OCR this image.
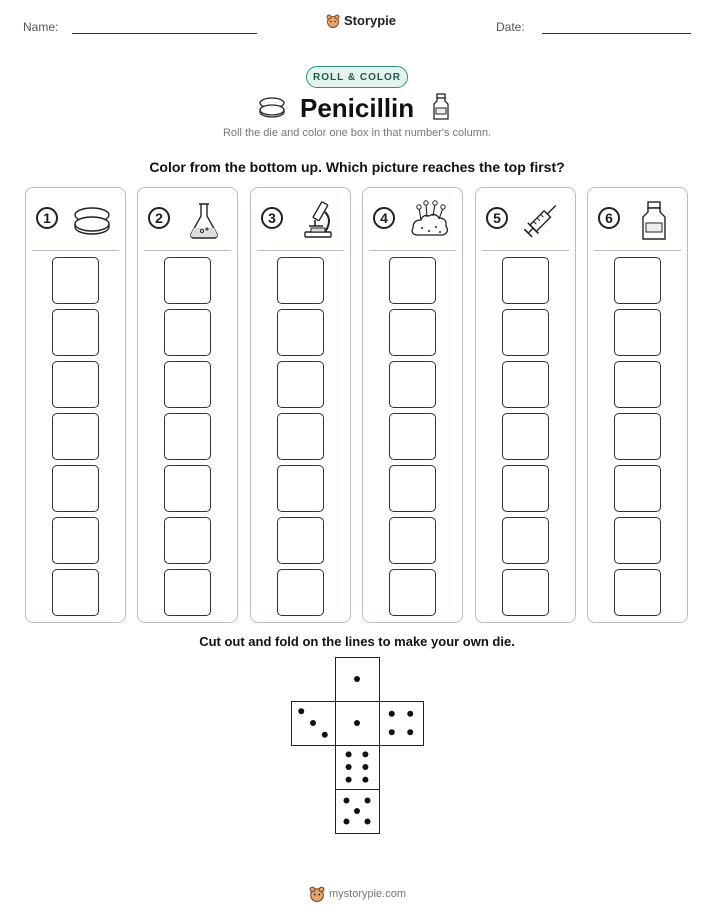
Name:	Storypie	Date:
ROLL & COLOR
Penicillin
Roll the die and color one box in that number's column.
Color from the bottom up. Which picture reaches the top first?
1	2	3	4	5	6
Cut out and fold on the lines to make your own die.
mystorypie.com
